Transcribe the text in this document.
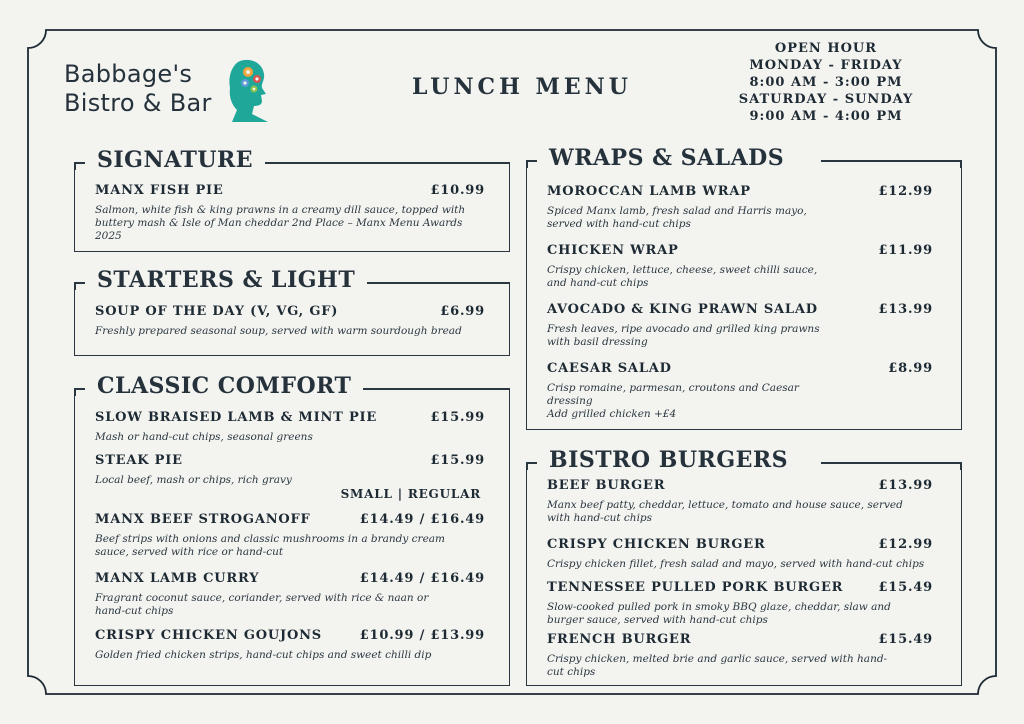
Babbage's
Bistro & Bar
LUNCH MENU
OPEN HOUR
MONDAY - FRIDAY
8:00 AM - 3:00 PM
SATURDAY - SUNDAY
9:00 AM - 4:00 PM
SIGNATURE
MANX FISH PIE	£10.99
Salmon, white fish & king prawns in a creamy dill sauce, topped with buttery mash & Isle of Man cheddar 2nd Place – Manx Menu Awards 2025
STARTERS & LIGHT
SOUP OF THE DAY (V, VG, GF)	£6.99
Freshly prepared seasonal soup, served with warm sourdough bread
CLASSIC COMFORT
SLOW BRAISED LAMB & MINT PIE	£15.99
Mash or hand-cut chips, seasonal greens
STEAK PIE	£15.99
Local beef, mash or chips, rich gravy
SMALL | REGULAR
MANX BEEF STROGANOFF	£14.49 / £16.49
Beef strips with onions and classic mushrooms in a brandy cream sauce, served with rice or hand-cut
MANX LAMB CURRY	£14.49 / £16.49
Fragrant coconut sauce, coriander, served with rice & naan or hand-cut chips
CRISPY CHICKEN GOUJONS	£10.99 / £13.99
Golden fried chicken strips, hand-cut chips and sweet chilli dip
WRAPS & SALADS
MOROCCAN LAMB WRAP	£12.99
Spiced Manx lamb, fresh salad and Harris mayo, served with hand-cut chips
CHICKEN WRAP	£11.99
Crispy chicken, lettuce, cheese, sweet chilli sauce, and hand-cut chips
AVOCADO & KING PRAWN SALAD	£13.99
Fresh leaves, ripe avocado and grilled king prawns with basil dressing
CAESAR SALAD	£8.99
Crisp romaine, parmesan, croutons and Caesar dressing
Add grilled chicken +£4
BISTRO BURGERS
BEEF BURGER	£13.99
Manx beef patty, cheddar, lettuce, tomato and house sauce, served with hand-cut chips
CRISPY CHICKEN BURGER	£12.99
Crispy chicken fillet, fresh salad and mayo, served with hand-cut chips
TENNESSEE PULLED PORK BURGER	£15.49
Slow-cooked pulled pork in smoky BBQ glaze, cheddar, slaw and burger sauce, served with hand-cut chips
FRENCH BURGER	£15.49
Crispy chicken, melted brie and garlic sauce, served with hand-cut chips
